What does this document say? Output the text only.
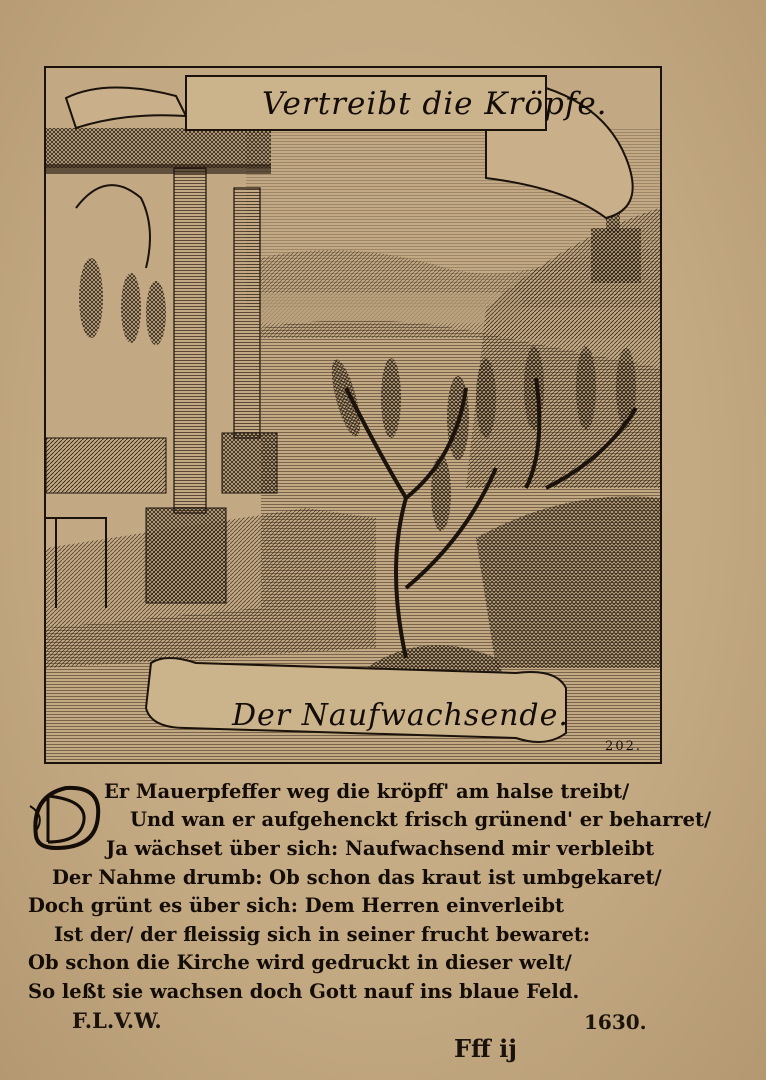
Vertreibt die Kröpfe.
Der Naufwachsende.
202.
Er Mauerpfeffer weg die kröpff' am halse treibt/
Und wan er aufgehenckt frisch grünend' er beharret/
Ja wächset über sich: Naufwachsend mir verbleibt
Der Nahme drumb: Ob schon das kraut ist umbgekaret/
Doch grünt es über sich: Dem Herren einverleibt
Ist der/ der fleissig sich in seiner frucht bewaret:
Ob schon die Kirche wird gedruckt in dieser welt/
So leßt sie wachsen doch Gott nauf ins blaue Feld.
F.L.V.W.	1630.
Fff ij
